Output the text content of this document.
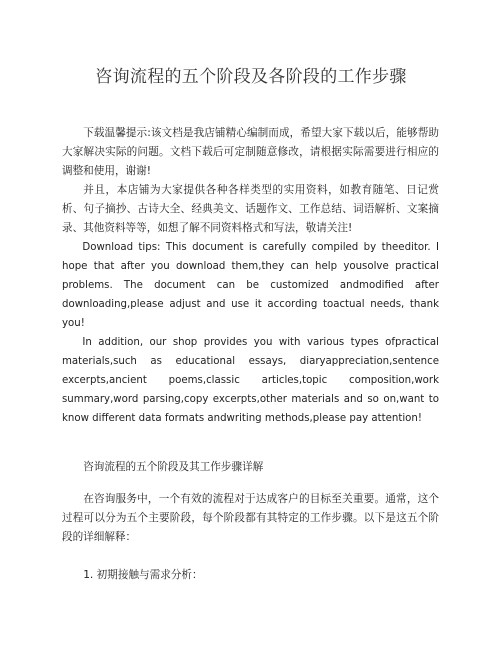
咨询流程的五个阶段及各阶段的工作步骤

下载温馨提示:该文档是我店铺精心编制而成，希望大家下载以后，能够帮助大家解决实际的问题。文档下载后可定制随意修改，请根据实际需要进行相应的调整和使用，谢谢!

并且，本店铺为大家提供各种各样类型的实用资料，如教育随笔、日记赏析、句子摘抄、古诗大全、经典美文、话题作文、工作总结、词语解析、文案摘录、其他资料等等，如想了解不同资料格式和写法，敬请关注!

Download tips: This document is carefully compiled by theeditor. I hope that after you download them,they can help yousolve practical problems. The document can be customized andmodified after downloading,please adjust and use it according toactual needs, thank you!

In addition, our shop provides you with various types ofpractical materials,such as educational essays, diaryappreciation,sentence excerpts,ancient poems,classic articles,topic composition,work summary,word parsing,copy excerpts,other materials and so on,want to know different data formats andwriting methods,please pay attention!

咨询流程的五个阶段及其工作步骤详解

在咨询服务中，一个有效的流程对于达成客户的目标至关重要。通常，这个过程可以分为五个主要阶段，每个阶段都有其特定的工作步骤。以下是这五个阶段的详细解释：

1. 初期接触与需求分析：
